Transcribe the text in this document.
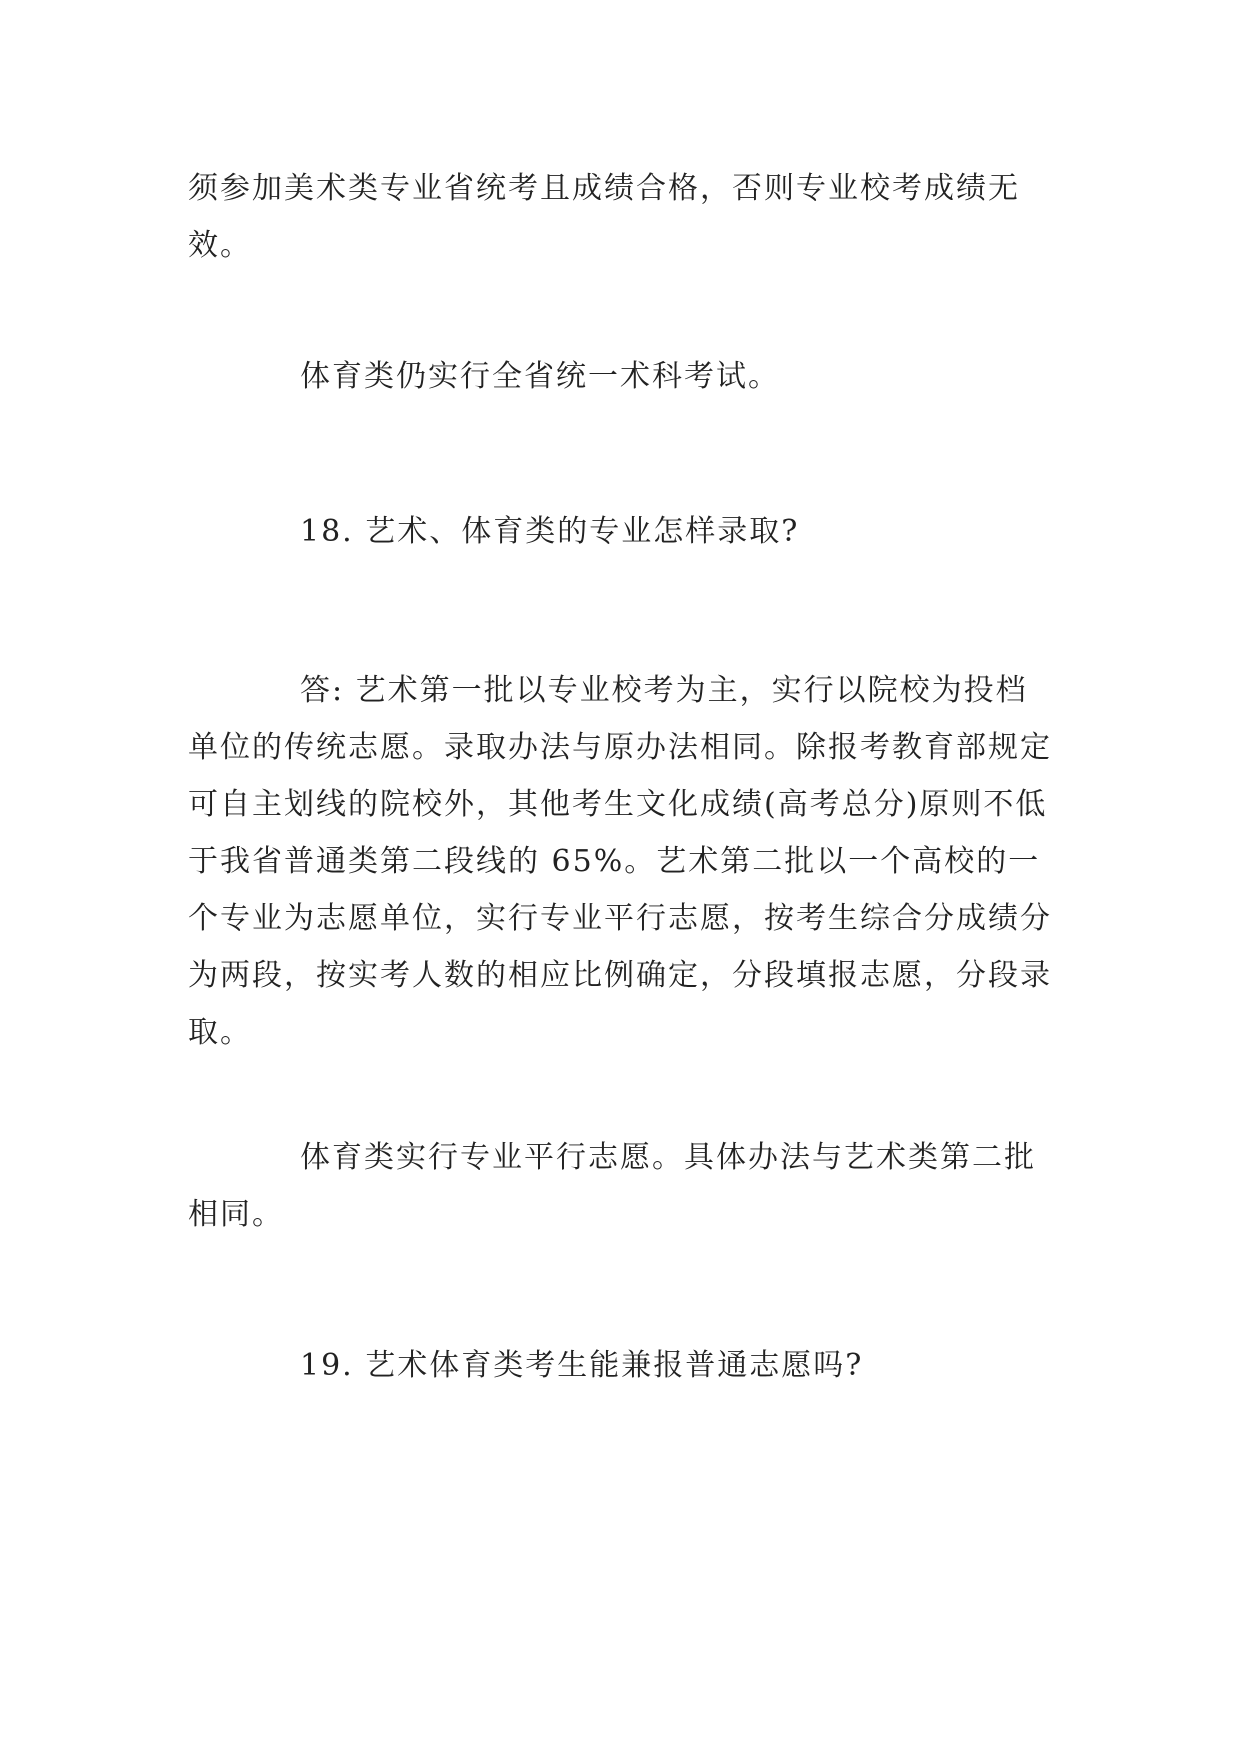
须参加美术类专业省统考且成绩合格，否则专业校考成绩无效。

体育类仍实行全省统一术科考试。

18. 艺术、体育类的专业怎样录取?

答: 艺术第一批以专业校考为主，实行以院校为投档单位的传统志愿。录取办法与原办法相同。除报考教育部规定可自主划线的院校外，其他考生文化成绩(高考总分)原则不低于我省普通类第二段线的 65%。艺术第二批以一个高校的一个专业为志愿单位，实行专业平行志愿，按考生综合分成绩分为两段，按实考人数的相应比例确定，分段填报志愿，分段录取。

体育类实行专业平行志愿。具体办法与艺术类第二批相同。

19. 艺术体育类考生能兼报普通志愿吗?
